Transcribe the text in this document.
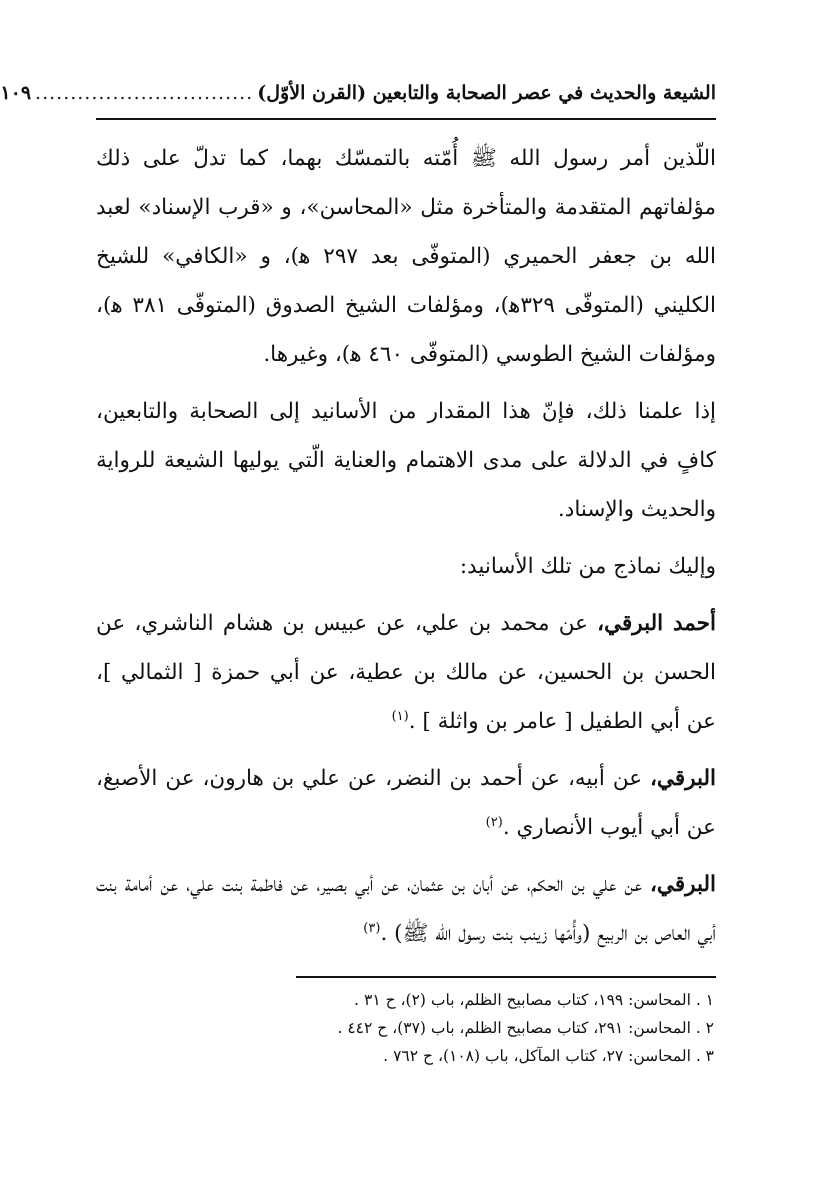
الشيعة والحديث في عصر الصحابة والتابعين (القرن الأوّل)
...............................
١٠٩

اللّذين أمر رسول الله ﷺ أُمّته بالتمسّك بهما، كما تدلّ على ذلك مؤلفاتهم المتقدمة والمتأخرة مثل «المحاسن»، و «قرب الإسناد» لعبد الله بن جعفر الحميري (المتوفّى بعد ٢٩٧ ﻫ)، و «الكافي» للشيخ الكليني (المتوفّى ٣٢٩ﻫ)، ومؤلفات الشيخ الصدوق (المتوفّى ٣٨١ ﻫ)، ومؤلفات الشيخ الطوسي (المتوفّى ٤٦٠ ﻫ)، وغيرها.

إذا علمنا ذلك، فإنّ هذا المقدار من الأسانيد إلى الصحابة والتابعين، كافٍ في الدلالة على مدى الاهتمام والعناية الّتي يوليها الشيعة للرواية والحديث والإسناد.

وإليك نماذج من تلك الأسانيد:

أحمد البرقي، عن محمد بن علي، عن عبيس بن هشام الناشري، عن الحسن بن الحسين، عن مالك بن عطية، عن أبي حمزة [ الثمالي ]، عن أبي الطفيل [ عامر بن واثلة ] .$^{(١)}$

البرقي، عن أبيه، عن أحمد بن النضر، عن علي بن هارون، عن الأصبغ، عن أبي أيوب الأنصاري .$^{(٢)}$

البرقي، عن علي بن الحكم، عن أبان بن عثمان، عن أبي بصير، عن فاطمة بنت علي، عن أمامة بنت أبي العاص بن الربيع (وأُمّها زينب بنت رسول الله ﷺ) .$^{(٣)}$

١ . المحاسن: ١٩٩، كتاب مصابيح الظلم، باب (٢)، ح ٣١ .

٢ . المحاسن: ٢٩١، كتاب مصابيح الظلم، باب (٣٧)، ح ٤٤٢ .

٣ . المحاسن: ٢٧، كتاب المآكل، باب (١٠٨)، ح ٧٦٢ .
